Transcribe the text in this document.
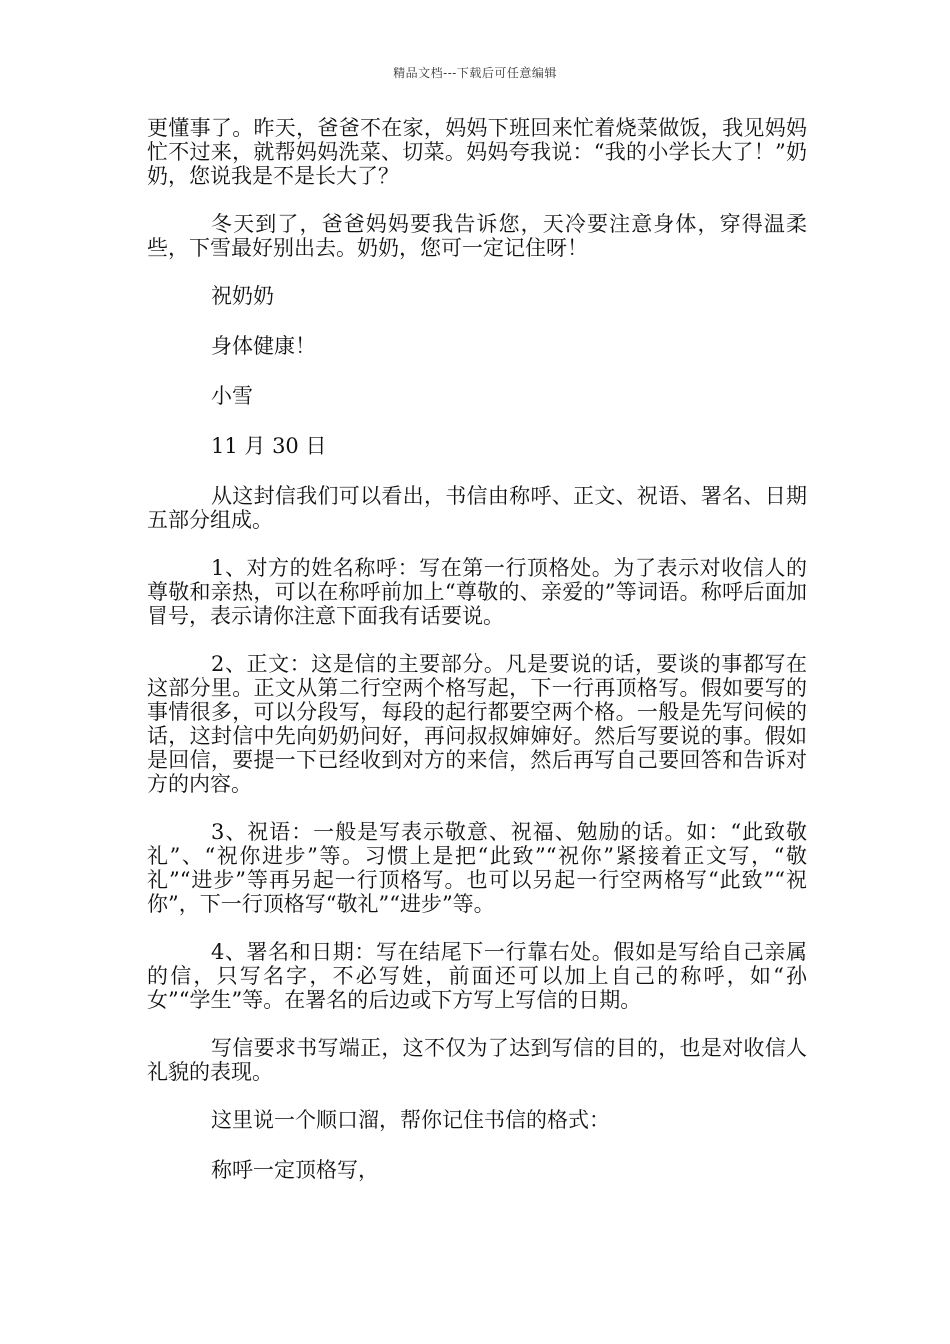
精品文档---下载后可任意编辑

更懂事了。昨天，爸爸不在家，妈妈下班回来忙着烧菜做饭，我见妈妈忙不过来，就帮妈妈洗菜、切菜。妈妈夸我说：“我的小学长大了！”奶奶，您说我是不是长大了？

冬天到了，爸爸妈妈要我告诉您，天冷要注意身体，穿得温柔些，下雪最好别出去。奶奶，您可一定记住呀！

祝奶奶

身体健康！

小雪

11 月 30 日

从这封信我们可以看出，书信由称呼、正文、祝语、署名、日期五部分组成。

1、对方的姓名称呼：写在第一行顶格处。为了表示对收信人的尊敬和亲热，可以在称呼前加上“尊敬的、亲爱的”等词语。称呼后面加冒号，表示请你注意下面我有话要说。

2、正文：这是信的主要部分。凡是要说的话，要谈的事都写在这部分里。正文从第二行空两个格写起，下一行再顶格写。假如要写的事情很多，可以分段写，每段的起行都要空两个格。一般是先写问候的话，这封信中先向奶奶问好，再问叔叔婶婶好。然后写要说的事。假如是回信，要提一下已经收到对方的来信，然后再写自己要回答和告诉对方的内容。

3、祝语：一般是写表示敬意、祝福、勉励的话。如：“此致敬礼”、“祝你进步”等。习惯上是把“此致”“祝你”紧接着正文写，“敬礼”“进步”等再另起一行顶格写。也可以另起一行空两格写“此致”“祝你”，下一行顶格写“敬礼”“进步”等。

4、署名和日期：写在结尾下一行靠右处。假如是写给自己亲属的信，只写名字，不必写姓，前面还可以加上自己的称呼，如“孙女”“学生”等。在署名的后边或下方写上写信的日期。

写信要求书写端正，这不仅为了达到写信的目的，也是对收信人礼貌的表现。

这里说一个顺口溜，帮你记住书信的格式：

称呼一定顶格写，
